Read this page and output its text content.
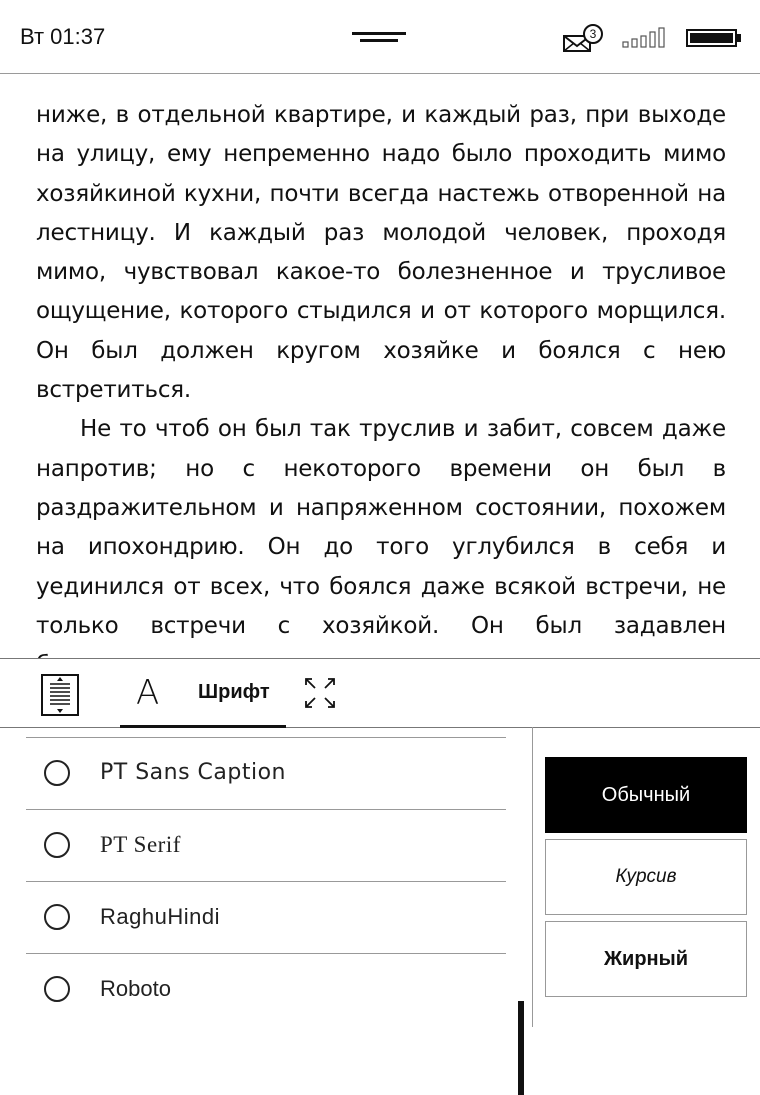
Вт 01:37	3

ниже, в отдельной квартире, и каждый раз, при выходе на улицу, ему непременно надо было проходить мимо хозяйкиной кухни, почти всегда настежь отворенной на лестницу. И каждый раз молодой человек, проходя мимо, чувствовал какое-то болезненное и трусливое ощущение, которого стыдился и от которого морщился. Он был должен кругом хозяйке и боялся с нею встретиться.

Не то чтоб он был так труслив и забит, совсем даже напротив; но с некоторого времени он был в раздражительном и напряженном состоянии, похожем на ипохондрию. Он до того углубился в себя и уединился от всех, что боялся даже всякой встречи, не только встречи с хозяйкой. Он был задавлен

A Шрифт
PT Sans Caption
PT Serif
RaghuHindi
Roboto
Обычный
Курсив
Жирный
